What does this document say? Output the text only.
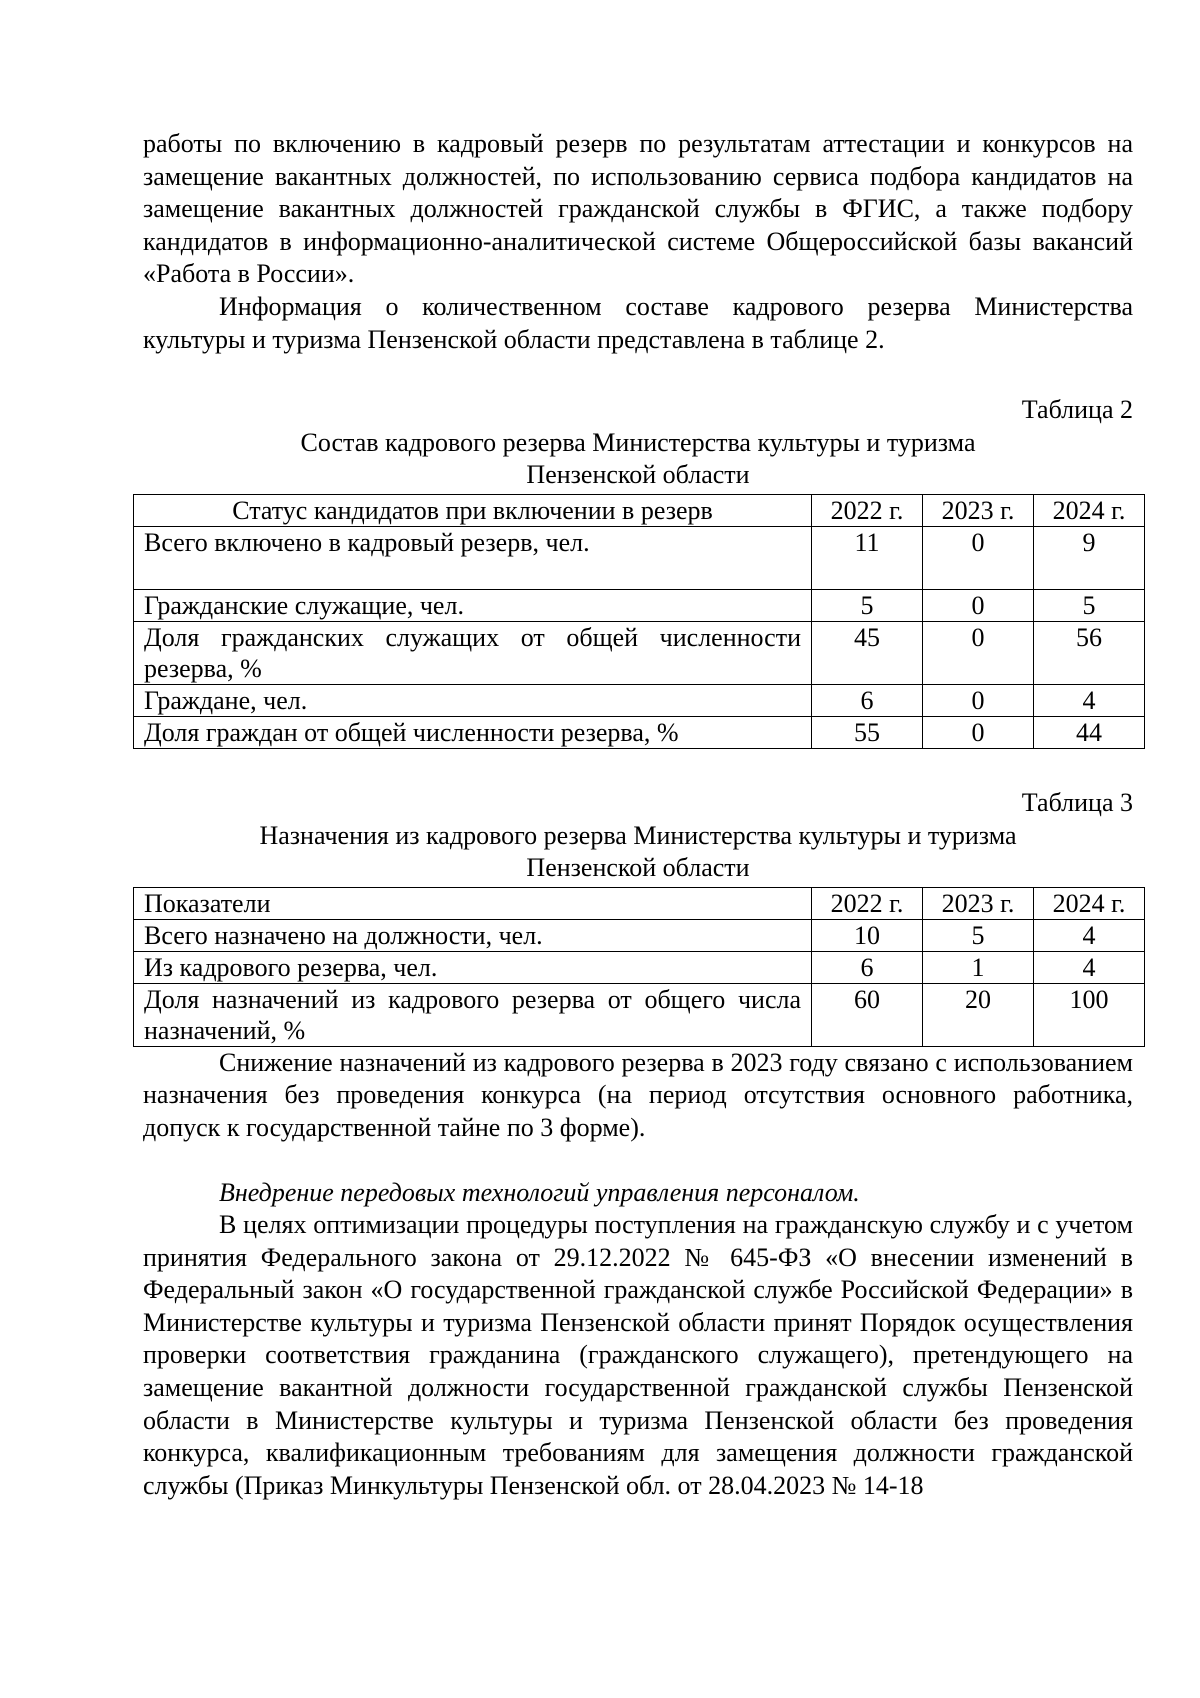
работы по включению в кадровый резерв по результатам аттестации и конкурсов на замещение вакантных должностей, по использованию сервиса подбора кандидатов на замещение вакантных должностей гражданской службы в ФГИС, а также подбору кандидатов в информационно-аналитической системе Общероссийской базы вакансий «Работа в России».

Информация о количественном составе кадрового резерва Министерства культуры и туризма Пензенской области представлена в таблице 2.

Таблица 2

Состав кадрового резерва Министерства культуры и туризма
Пензенской области
Статус кандидатов при включении в резерв	2022 г.	2023 г.	2024 г.
Всего включено в кадровый резерв, чел.	11	0	9
Гражданские служащие, чел.	5	0	5
Доля гражданских служащих от общей численности резерва, %	45	0	56
Граждане, чел.	6	0	4
Доля граждан от общей численности резерва, %	55	0	44

Таблица 3

Назначения из кадрового резерва Министерства культуры и туризма
Пензенской области
Показатели	2022 г.	2023 г.	2024 г.
Всего назначено на должности, чел.	10	5	4
Из кадрового резерва, чел.	6	1	4
Доля назначений из кадрового резерва от общего числа назначений, %	60	20	100

Снижение назначений из кадрового резерва в 2023 году связано с использованием назначения без проведения конкурса (на период отсутствия основного работника, допуск к государственной тайне по 3 форме).

Внедрение передовых технологий управления персоналом.

В целях оптимизации процедуры поступления на гражданскую службу и с учетом принятия Федерального закона от 29.12.2022 № 645-ФЗ «О внесении изменений в Федеральный закон «О государственной гражданской службе Российской Федерации» в Министерстве культуры и туризма Пензенской области принят Порядок осуществления проверки соответствия гражданина (гражданского служащего), претендующего на замещение вакантной должности государственной гражданской службы Пензенской области в Министерстве культуры и туризма Пензенской области без проведения конкурса, квалификационным требованиям для замещения должности гражданской службы (Приказ Минкультуры Пензенской обл. от 28.04.2023 № 14-18
